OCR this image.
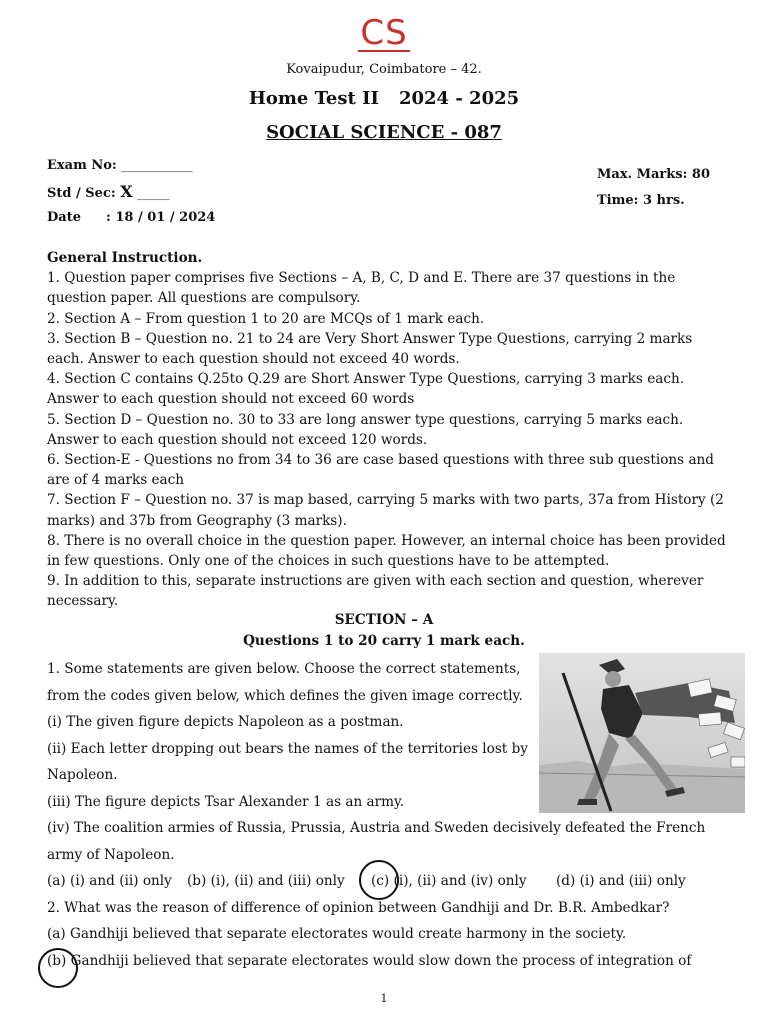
CS
Kovaipudur, Coimbatore – 42.
Home Test II 2024 - 2025
SOCIAL SCIENCE - 087
Exam No: ___________
Std / Sec: X _____
Date : 18 / 01 / 2024
Max. Marks: 80
Time: 3 hrs.

General Instruction.

1. Question paper comprises five Sections – A, B, C, D and E. There are 37 questions in the question paper. All questions are compulsory.

2. Section A – From question 1 to 20 are MCQs of 1 mark each.

3. Section B – Question no. 21 to 24 are Very Short Answer Type Questions, carrying 2 marks each. Answer to each question should not exceed 40 words.

4. Section C contains Q.25to Q.29 are Short Answer Type Questions, carrying 3 marks each. Answer to each question should not exceed 60 words

5. Section D – Question no. 30 to 33 are long answer type questions, carrying 5 marks each. Answer to each question should not exceed 120 words.

6. Section-E - Questions no from 34 to 36 are case based questions with three sub questions and are of 4 marks each

7. Section F – Question no. 37 is map based, carrying 5 marks with two parts, 37a from History (2 marks) and 37b from Geography (3 marks).

8. There is no overall choice in the question paper. However, an internal choice has been provided in few questions. Only one of the choices in such questions have to be attempted.

9. In addition to this, separate instructions are given with each section and question, wherever necessary.

SECTION – A
Questions 1 to 20 carry 1 mark each.

1. Some statements are given below. Choose the correct statements,

from the codes given below, which defines the given image correctly.

(i) The given figure depicts Napoleon as a postman.

(ii) Each letter dropping out bears the names of the territories lost by

Napoleon.

(iii) The figure depicts Tsar Alexander 1 as an army.

(iv) The coalition armies of Russia, Prussia, Austria and Sweden decisively defeated the French

army of Napoleon.

(a) (i) and (ii) only (b) (i), (ii) and (iii) only (c) (i), (ii) and (iv) only (d) (i) and (iii) only

2. What was the reason of difference of opinion between Gandhiji and Dr. B.R. Ambedkar?

(a) Gandhiji believed that separate electorates would create harmony in the society.

(b) Gandhiji believed that separate electorates would slow down the process of integration of

1
